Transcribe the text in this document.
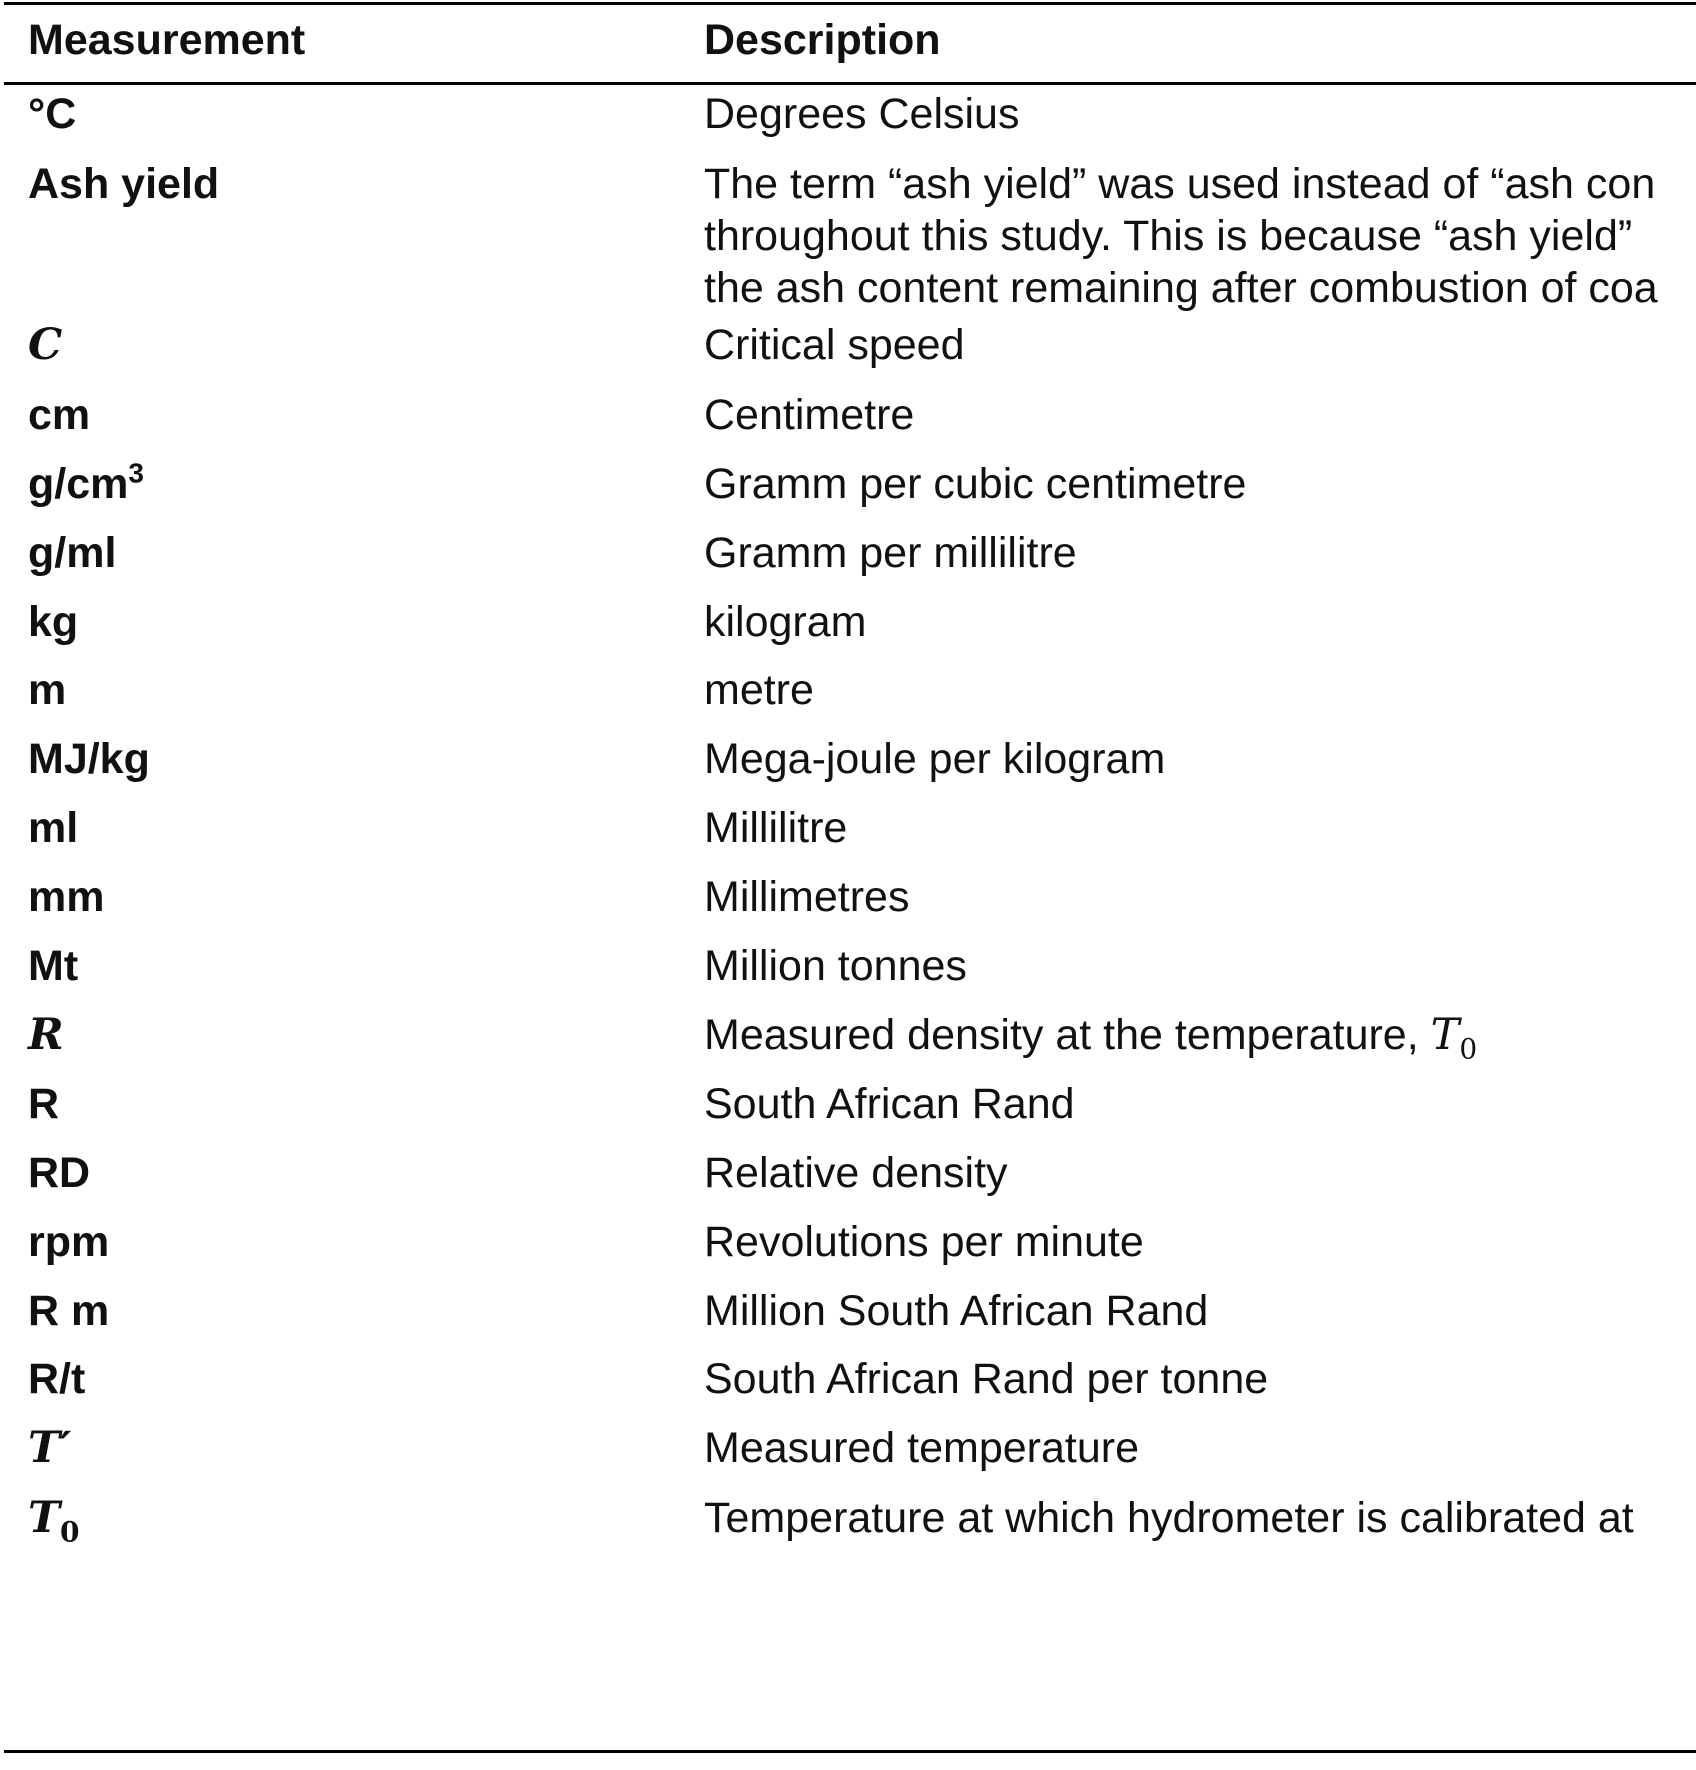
Measurement	Description
°C	Degrees Celsius
Ash yield	The term “ash yield” was used instead of “ash con
throughout this study. This is because “ash yield”
the ash content remaining after combustion of coa
C	Critical speed
cm	Centimetre
$g/cm^3$	Gramm per cubic centimetre
g/ml	Gramm per millilitre
kg	kilogram
m	metre
MJ/kg	Mega-joule per kilogram
ml	Millilitre
mm	Millimetres
Mt	Million tonnes
R	Measured density at the temperature, $T_0$
R	South African Rand
RD	Relative density
rpm	Revolutions per minute
R m	Million South African Rand
R/t	South African Rand per tonne
T′	Measured temperature
$T_0$	Temperature at which hydrometer is calibrated at
